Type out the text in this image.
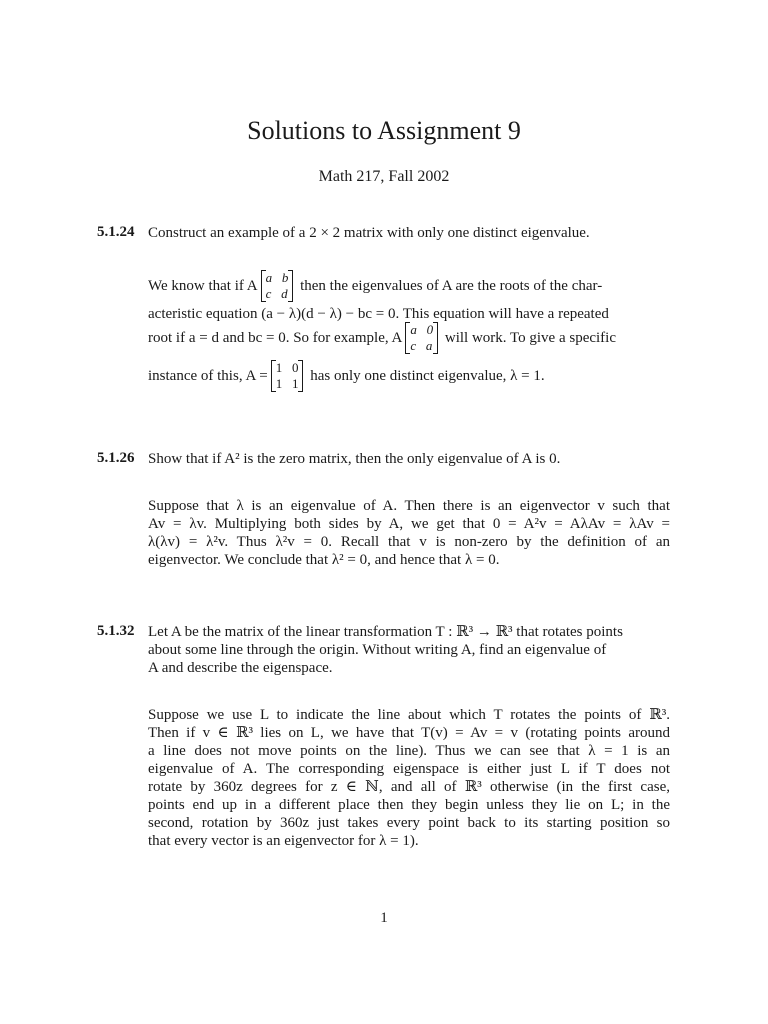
Solutions to Assignment 9
Math 217, Fall 2002
5.1.24 Construct an example of a 2 × 2 matrix with only one distinct eigenvalue.
We know that if A
a   b
c   d then the eigenvalues of A are the roots of the char-
acteristic equation (a − λ)(d − λ) − bc = 0. This equation will have a repeated
root if a = d and bc = 0. So for example, A
a   0
c   a will work. To give a specific
instance of this, A =
1   0
1   1 has only one distinct eigenvalue, λ = 1.
5.1.26 Show that if A² is the zero matrix, then the only eigenvalue of A is 0.
Suppose that λ is an eigenvalue of A. Then there is an eigenvector v such that
Av = λv. Multiplying both sides by A, we get that 0 = A²v = AλAv = λAv =
λ(λv) = λ²v. Thus λ²v = 0. Recall that v is non-zero by the definition of an
eigenvector. We conclude that λ² = 0, and hence that λ = 0.
5.1.32 Let A be the matrix of the linear transformation T : ℝ³ → ℝ³ that rotates points
about some line through the origin. Without writing A, find an eigenvalue of
A and describe the eigenspace.
Suppose we use L to indicate the line about which T rotates the points of ℝ³.
Then if v ∈ ℝ³ lies on L, we have that T(v) = Av = v (rotating points around
a line does not move points on the line). Thus we can see that λ = 1 is an
eigenvalue of A. The corresponding eigenspace is either just L if T does not
rotate by 360z degrees for z ∈ ℕ, and all of ℝ³ otherwise (in the first case,
points end up in a different place then they begin unless they lie on L; in the
second, rotation by 360z just takes every point back to its starting position so
that every vector is an eigenvector for λ = 1).
1
